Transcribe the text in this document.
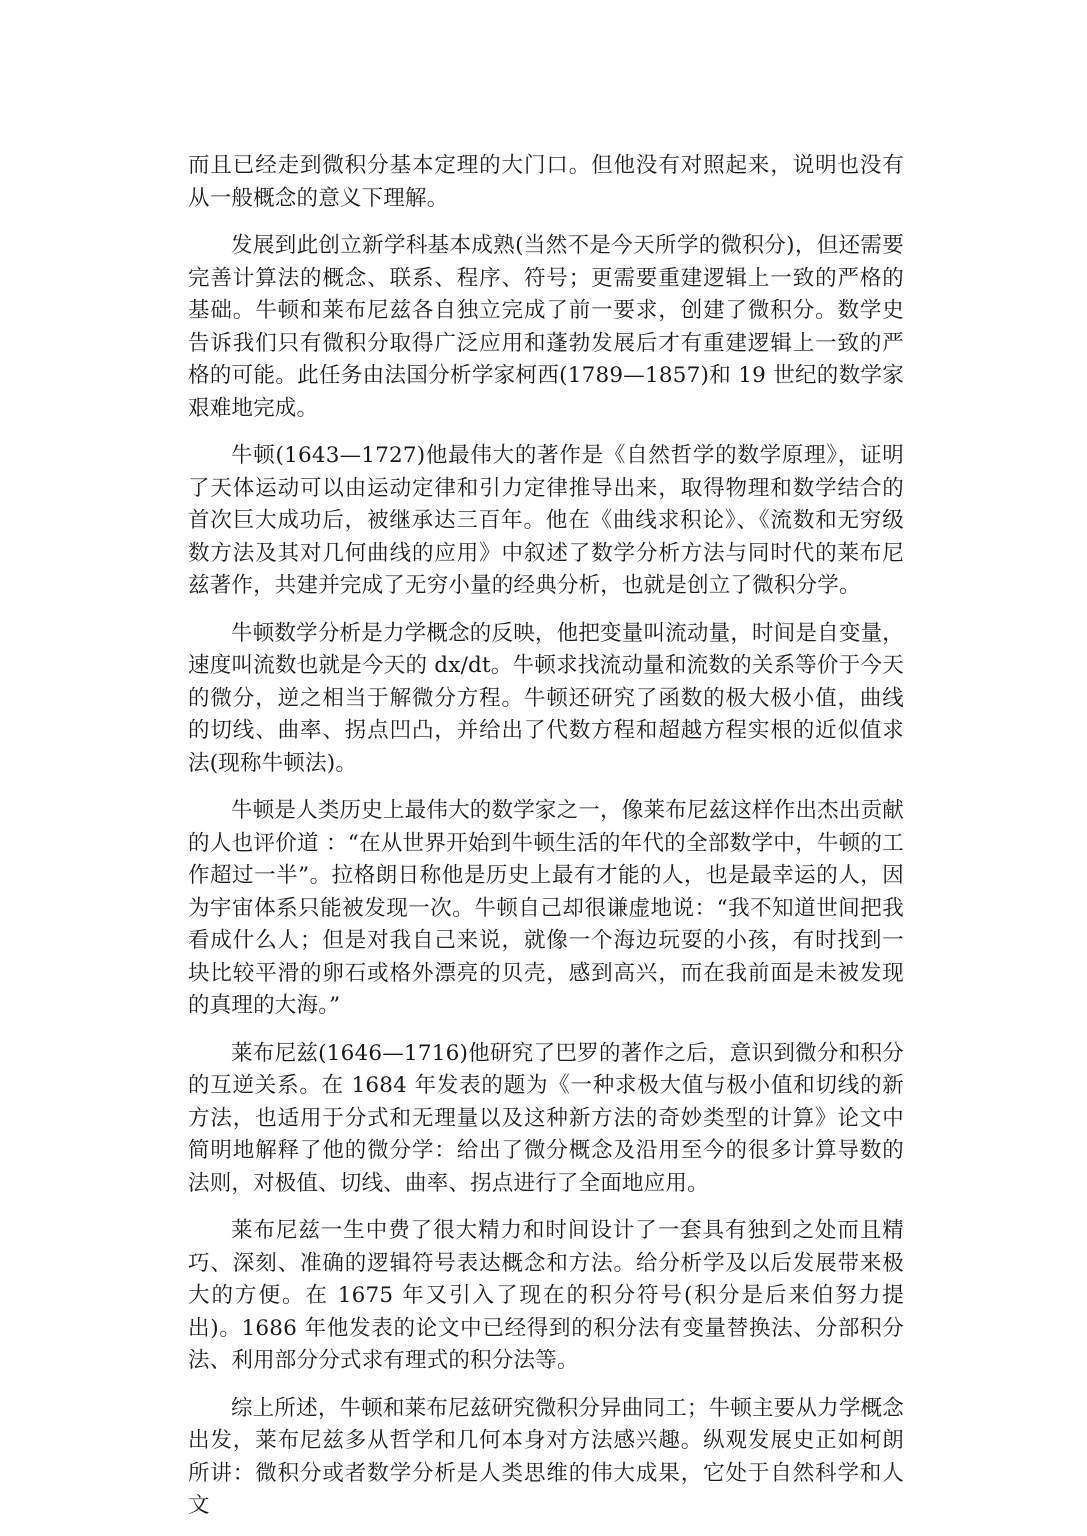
而且已经走到微积分基本定理的大门口。但他没有对照起来，说明也没有从一般概念的意义下理解。

发展到此创立新学科基本成熟(当然不是今天所学的微积分)，但还需要完善计算法的概念、联系、程序、符号；更需要重建逻辑上一致的严格的基础。牛顿和莱布尼兹各自独立完成了前一要求，创建了微积分。数学史告诉我们只有微积分取得广泛应用和蓬勃发展后才有重建逻辑上一致的严格的可能。此任务由法国分析学家柯西(1789—1857)和 19 世纪的数学家艰难地完成。

牛顿(1643—1727)他最伟大的著作是《自然哲学的数学原理》，证明了天体运动可以由运动定律和引力定律推导出来，取得物理和数学结合的首次巨大成功后，被继承达三百年。他在《曲线求积论》、《流数和无穷级数方法及其对几何曲线的应用》中叙述了数学分析方法与同时代的莱布尼兹著作，共建并完成了无穷小量的经典分析，也就是创立了微积分学。

牛顿数学分析是力学概念的反映，他把变量叫流动量，时间是自变量，速度叫流数也就是今天的 dx/dt。牛顿求找流动量和流数的关系等价于今天的微分，逆之相当于解微分方程。牛顿还研究了函数的极大极小值，曲线的切线、曲率、拐点凹凸，并给出了代数方程和超越方程实根的近似值求法(现称牛顿法)。

牛顿是人类历史上最伟大的数学家之一，像莱布尼兹这样作出杰出贡献的人也评价道 ：“在从世界开始到牛顿生活的年代的全部数学中，牛顿的工作超过一半”。拉格朗日称他是历史上最有才能的人，也是最幸运的人，因为宇宙体系只能被发现一次。牛顿自己却很谦虚地说：“我不知道世间把我看成什么人；但是对我自己来说，就像一个海边玩耍的小孩，有时找到一块比较平滑的卵石或格外漂亮的贝壳，感到高兴，而在我前面是未被发现的真理的大海。”

莱布尼兹(1646—1716)他研究了巴罗的著作之后，意识到微分和积分的互逆关系。在 1684 年发表的题为《一种求极大值与极小值和切线的新方法，也适用于分式和无理量以及这种新方法的奇妙类型的计算》论文中简明地解释了他的微分学：给出了微分概念及沿用至今的很多计算导数的法则，对极值、切线、曲率、拐点进行了全面地应用。

莱布尼兹一生中费了很大精力和时间设计了一套具有独到之处而且精巧、深刻、准确的逻辑符号表达概念和方法。给分析学及以后发展带来极大的方便。在 1675 年又引入了现在的积分符号(积分是后来伯努力提出)。1686 年他发表的论文中已经得到的积分法有变量替换法、分部积分法、利用部分分式求有理式的积分法等。

综上所述，牛顿和莱布尼兹研究微积分异曲同工；牛顿主要从力学概念出发，莱布尼兹多从哲学和几何本身对方法感兴趣。纵观发展史正如柯朗所讲：微积分或者数学分析是人类思维的伟大成果，它处于自然科学和人文
